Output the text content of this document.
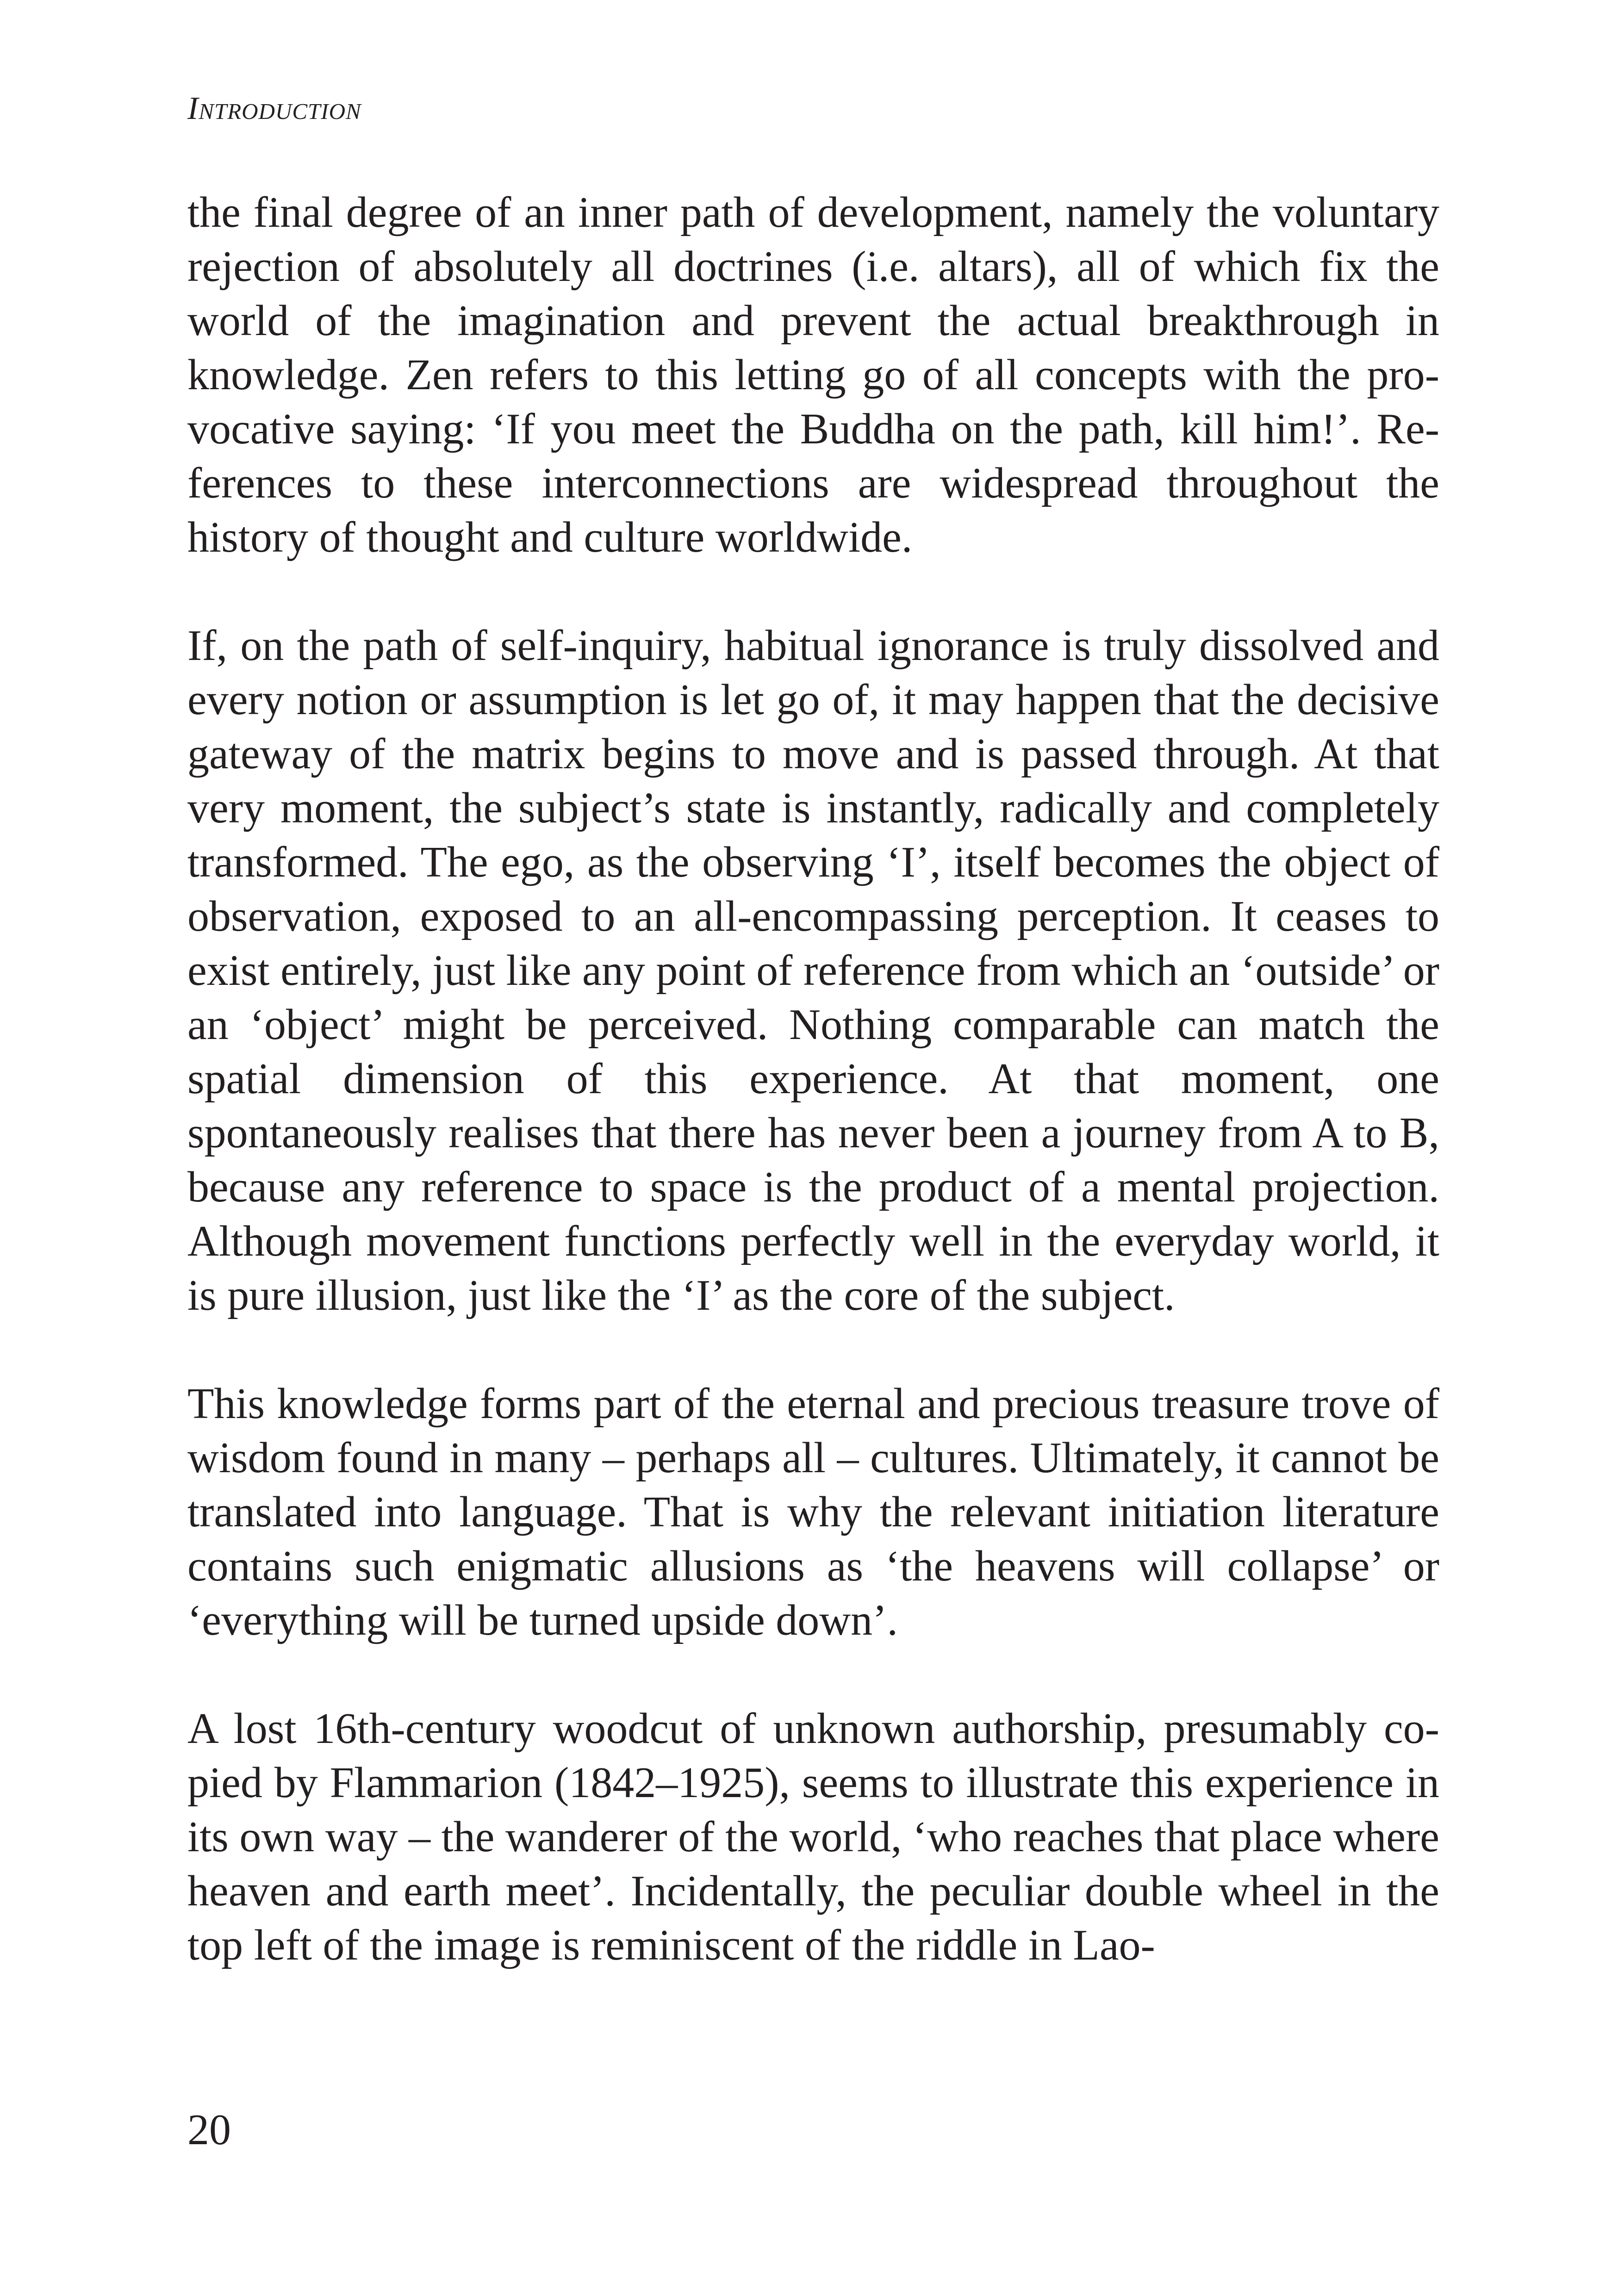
Introduction

the final degree of an inner path of development, namely the voluntary rejection of absolutely all doctrines (i.e. altars), all of which fix the world of the imagination and prevent the actual breakthrough in knowledge. Zen refers to this letting go of all concepts with the provocative saying: ‘If you meet the Buddha on the path, kill him!’. References to these interconnections are widespread throughout the history of thought and culture worldwide.

If, on the path of self-inquiry, habitual ignorance is truly dissolved and every notion or assumption is let go of, it may happen that the decisive gateway of the matrix begins to move and is passed through. At that very moment, the subject’s state is instantly, radically and completely transformed. The ego, as the observing ‘I’, itself becomes the object of observation, exposed to an all-encompassing perception. It ceases to exist entirely, just like any point of reference from which an ‘outside’ or an ‘object’ might be perceived. Nothing comparable can match the spatial dimension of this experience. At that moment, one spontaneously realises that there has never been a journey from A to B, because any reference to space is the product of a mental projection. Although movement functions perfectly well in the everyday world, it is pure illusion, just like the ‘I’ as the core of the subject.

This knowledge forms part of the eternal and precious treasure trove of wisdom found in many – perhaps all – cultures. Ultimately, it cannot be translated into language. That is why the relevant initiation literature contains such enigmatic allusions as ‘the heavens will collapse’ or ‘everything will be turned upside down’.

A lost 16th-century woodcut of unknown authorship, presumably copied by Flammarion (1842–1925), seems to illustrate this experience in its own way – the wanderer of the world, ‘who reaches that place where heaven and earth meet’. Incidentally, the peculiar double wheel in the top left of the image is reminiscent of the riddle in Lao-

20
